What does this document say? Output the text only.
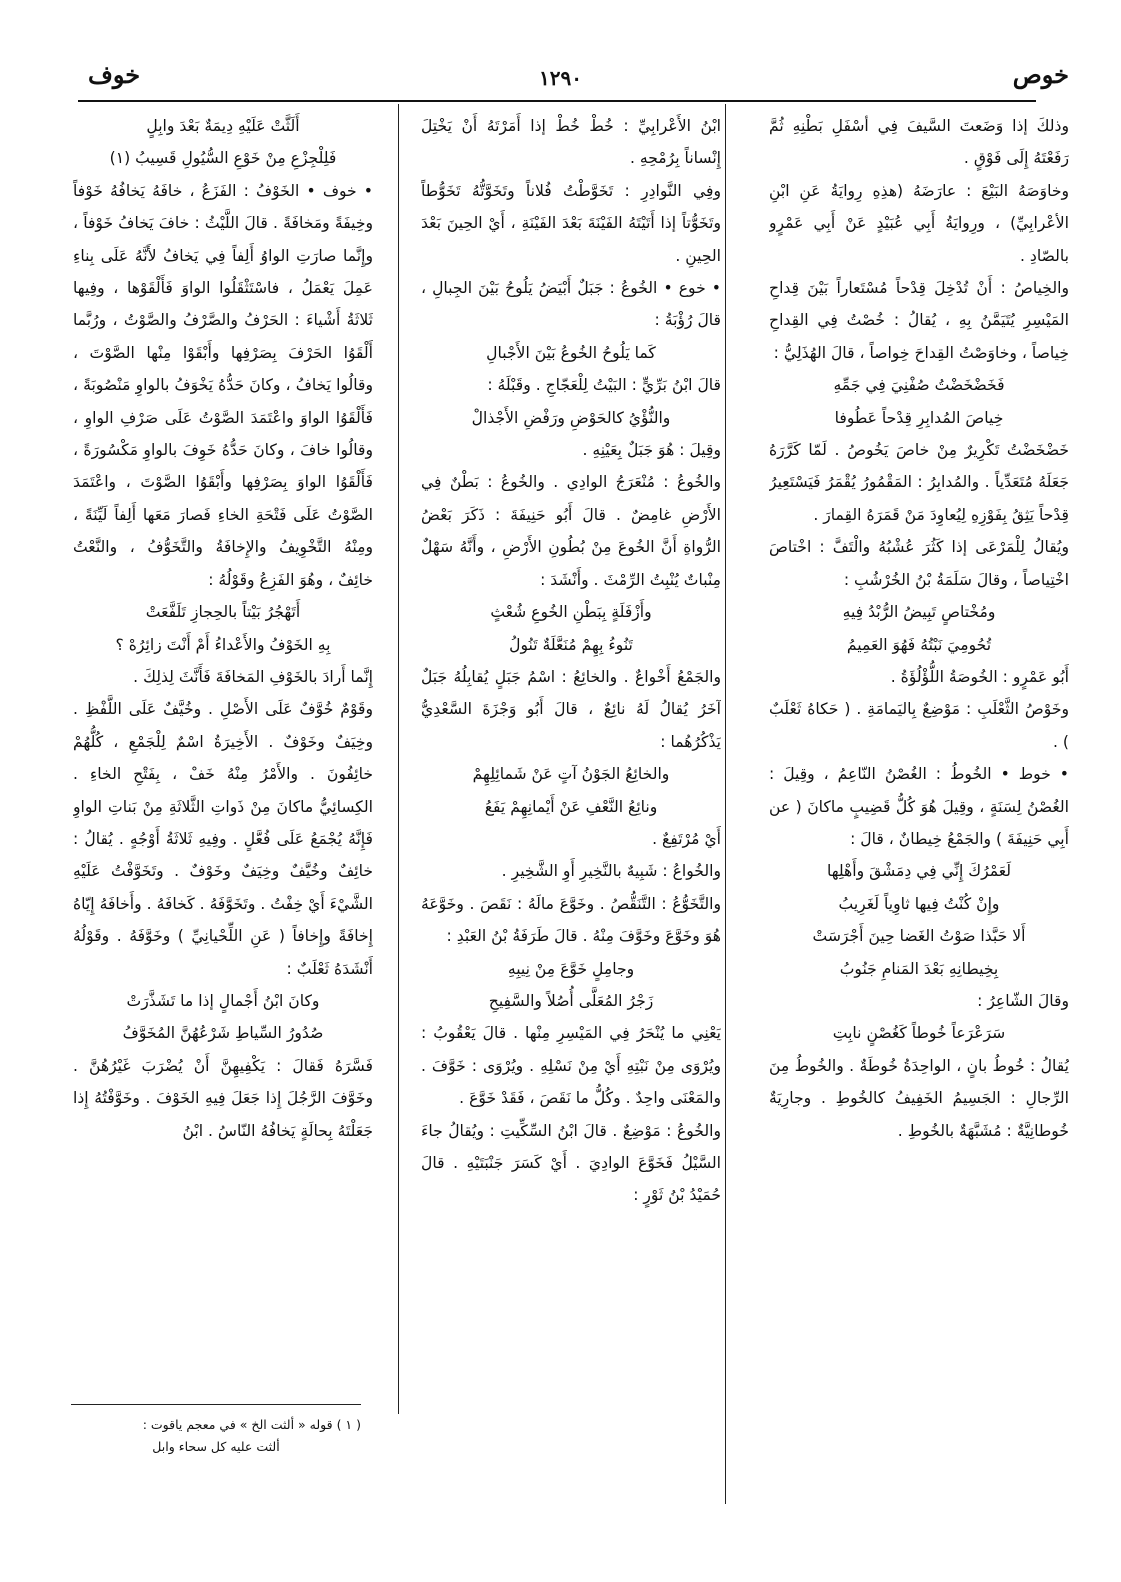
خوص
١٢٩٠
خوف

وذلكَ إذا وَضَعتَ السَّيفَ فِي أسْفَلِ بَطْنِهِ ثُمَّ رَفَعْتَهُ إِلَى فَوْقٍ .

وخاوَصَهُ البَيْعَ : عارَضَهُ (هذِهِ رِوايَةُ عَنِ ابْنِ الأعْرابِيِّ) ، ورِوايَةُ أَبِي عُبَيْدٍ عَنْ أَبِي عَمْرٍو بالصّادِ .

والخِياصُ : أَنْ تُدْخِلَ قِدْحاً مُسْتَعاراً بَيْنَ قِداحِ المَيْسِرِ يُتَيَمَّنُ بِهِ ، يُقالُ : خُصْتُ فِي القِداحِ خِياصاً ، وخاوَصْتُ القِداحَ خِواصاً ، قالَ الهُذَلِيُّ :

فَخَضْخَضْتُ صُفْنِيَ فِي جَمِّهِ

خِياصَ المُدابِرِ قِدْحاً عَطُوفا

خَضْخَضْتُ تَكْرِيرٌ مِنْ خاصَ يَخُوصُ . لَمّا كَرَّرَهُ جَعَلَهُ مُتَعَدِّياً . والمُدابِرُ : المَقْمُورُ يُقْمَرُ فَيَسْتَعِيرُ قِدْحاً يَثِقُ بِفَوْزِهِ لِيُعاوِدَ مَنْ قَمَرَهُ القِمارَ .

ويُقالُ لِلْمَرْعَى إذا كَثُرَ عُشْبُهُ والْتَفَّ : اخْتاصَ اخْتِياصاً ، وقالَ سَلَمَةُ بْنُ الخُرْشُبِ :

ومُخْتاصٍ تَبِيضُ الرُّبْدُ فِيهِ

تُحُومِيَ نَبْتُهُ فَهُوَ العَمِيمُ

أَبُو عَمْرٍو : الخُوصَةُ اللُّؤْلُؤَةُ .

وخَوْصُ الثَّعْلَبِ : مَوْضِعٌ بِاليَمامَةِ . ( حَكاهُ ثَعْلَبٌ ) .

• خوط • الخُوطُ : الغُصْنُ النّاعِمُ ، وقِيلَ : الغُصْنُ لِسَنَةٍ ، وقِيلَ هُوَ كُلُّ قَضِيبٍ ماكانَ ( عن أَبِي حَنِيفَةَ ) والجَمْعُ خِيطانٌ ، قالَ :

لَعَمْرُكَ إِنِّي فِي دِمَشْقَ وأَهْلِها

وإِنْ كُنْتُ فِيها ثاوِياً لَغَرِيبُ

أَلا حَبَّذا صَوْتُ الغَضا حِينَ أَجْرَسَتْ

بِخِيطانِهِ بَعْدَ المَنامِ جَنُوبُ

وقالَ الشّاعِرُ :

سَرَعْرَعاً خُوطاً كَغُصْنٍ نابِتِ

يُقالُ : خُوطُ بانٍ ، الواحِدَةُ خُوطَةٌ . والخُوطُ مِنَ الرِّجالِ : الجَسِيمُ الخَفِيفُ كالخُوطِ . وجارِيَةٌ خُوطانِيَّةٌ : مُشَبَّهَةٌ بالخُوطِ .

ابْنُ الأَعْرابِيِّ : خُطْ خُطْ إذا أَمَرْتَهُ أَنْ يَخْتِلَ إِنْساناً بِرُمْحِهِ .

وفِي النَّوادِرِ : تَخَوَّطْتُ فُلاناً وتَخَوَّتُّهُ تَخَوُّطاً وتَخَوُّتاً إذا أَتَيْتَهُ الفَيْنَةَ بَعْدَ الفَيْنَةِ ، أَيْ الحِينَ بَعْدَ الحِينِ .

• خوع • الخُوعُ : جَبَلٌ أَبْيَضُ يَلُوحُ بَيْنَ الجِبالِ ، قالَ رُؤْبَةُ :

كَما يَلُوحُ الخُوعُ بَيْنَ الأَجْبالِ

قالَ ابْنُ بَرِّيٍّ : البَيْتُ لِلْعَجّاجِ . وقَبْلَهُ :

والنُّؤْيُ كالحَوْضِ ورَفْضِ الأَجْذالْ

وقِيلَ : هُوَ جَبَلٌ بِعَيْنِهِ .

والخُوعُ : مُنْعَرَجُ الوادِي . والخُوعُ : بَطْنٌ فِي الأَرْضِ غامِضٌ . قالَ أَبُو حَنِيفَةَ : ذَكَرَ بَعْضُ الرُّواةِ أَنَّ الخُوعَ مِنْ بُطُونِ الأَرْضِ ، وأَنَّهُ سَهْلٌ مِنْباتٌ يُنْبِتُ الرِّمْثَ . وأَنْشَدَ :

وأَزْفَلَةٍ بِبَطْنِ الخُوعِ شُعْثٍ

تَنُوءُ بِهِمْ مُنَعَّلَةٌ تَنُولُ

والجَمْعُ أَخْواعٌ . والخائِعُ : اسْمُ جَبَلٍ يُقابِلُهُ جَبَلٌ آخَرُ يُقالُ لَهُ نائِعٌ ، قالَ أَبُو وَجْزَةَ السَّعْدِيُّ يَذْكُرُهُما :

والخائِعُ الجَوْنُ آتٍ عَنْ شَمائِلِهِمْ

ونائِعُ النَّعْفِ عَنْ أَيْمانِهِمْ يَفَعُ

أَيْ مُرْتَفِعٌ .

والخُواعُ : شَبِيهٌ بالنَّخِيرِ أَوِ الشَّخِيرِ .

والتَّخَوُّعُ : التَّنَقُّصُ . وخَوَّعَ مالَهُ : نَقَصَ . وخَوَّعَهُ هُوَ وخَوَّعَ وخَوَّفَ مِنْهُ . قالَ طَرَفَةُ بْنُ العَبْدِ :

وجامِلٍ خَوَّعَ مِنْ نِيبِهِ

زَجْرُ المُعَلَّى أُصُلاً والسَّفِيحِ

يَعْنِي ما يُنْحَرُ فِي المَيْسِرِ مِنْها . قالَ يَعْقُوبُ : ويُرْوَى مِنْ نَبْتِهِ أَيْ مِنْ نَسْلِهِ . ويُرْوَى : خَوَّفَ . والمَعْنَى واحِدٌ . وكُلُّ ما نَقَصَ ، فَقَدْ خَوَّعَ .

والخُوعُ : مَوْضِعٌ . قالَ ابْنُ السِّكِّيتِ : ويُقالُ جاءَ السَّيْلُ فَخَوَّعَ الوادِيَ . أَيْ كَسَرَ جَنْبَتَيْهِ . قالَ حُمَيْدُ بْنُ ثَوْرٍ :

أَلَثَّتْ عَلَيْهِ دِيمَةٌ بَعْدَ وابِلٍ

فَلِلْجِزْعِ مِنْ خَوْعِ السُّيُولِ قَسِيبُ (١)

• خوف • الخَوْفُ : الفَزَعُ ، خافَهُ يَخافُهُ خَوْفاً وخِيفَةً ومَخافَةً . قالَ اللَّيْثُ : خافَ يَخافُ خَوْفاً ، وإِنَّما صارَتِ الواوُ أَلِفاً فِي يَخافُ لأَنَّهُ عَلَى بِناءِ عَمِلَ يَعْمَلُ ، فاسْتَثْقَلُوا الواوَ فَأَلْقَوْها ، وفِيها ثَلاثَةُ أَشْياءَ : الحَرْفُ والصَّرْفُ والصَّوْتُ ، ورُبَّما أَلْقَوُا الحَرْفَ بِصَرْفِها وأَبْقَوْا مِنْها الصَّوْتَ ، وقالُوا يَخافُ ، وكانَ حَدُّهُ يَخْوَفُ بالواوِ مَنْصُوبَةً ، فَأَلْقَوُا الواوَ واعْتَمَدَ الصَّوْتُ عَلَى صَرْفِ الواوِ ، وقالُوا خافَ ، وكانَ حَدُّهُ خَوِفَ بالواوِ مَكْسُورَةً ، فَأَلْقَوُا الواوَ بِصَرْفِها وأَبْقَوُا الصَّوْتَ ، واعْتَمَدَ الصَّوْتُ عَلَى فَتْحَةِ الخاءِ فَصارَ مَعَها أَلِفاً لَيِّنَةً ، ومِنْهُ التَّخْوِيفُ والإِخافَةُ والتَّخَوُّفُ ، والنَّعْتُ خائِفٌ ، وهُوَ الفَزِعُ وقَوْلُهُ :

أَتَهْجُرُ بَيْتاً بالحِجازِ تَلَفَّعَتْ

بِهِ الخَوْفُ والأَعْداءُ أَمْ أَنْتَ زائِرُهْ ؟

إِنَّما أَرادَ بالخَوْفِ المَخافَةَ فَأَنَّثَ لِذلِكَ .

وقَوْمٌ خُوَّفٌ عَلَى الأَصْلِ . وخُيَّفٌ عَلَى اللَّفْظِ . وخِيَفٌ وخَوْفٌ . الأَخِيرَةُ اسْمٌ لِلْجَمْعِ ، كُلُّهُمْ خائِفُونَ . والأَمْرُ مِنْهُ خَفْ ، بِفَتْحِ الخاءِ . الكِسائِيُّ ماكانَ مِنْ ذَواتِ الثَّلاثَةِ مِنْ بَناتِ الواوِ فَإِنَّهُ يُجْمَعُ عَلَى فُعَّلٍ . وفِيهِ ثَلاثَةُ أَوْجُهٍ . يُقالُ : خائِفٌ وخُيَّفٌ وخِيَفٌ وخَوْفٌ . وتَخَوَّفْتُ عَلَيْهِ الشَّيْءَ أَيْ خِفْتُ . وتَخَوَّفَهُ . كَخافَهُ . وأَخافَهُ إِيّاهُ إِخافَةً وإِخافاً ( عَنِ اللِّحْيانِيِّ ) وخَوَّفَهُ . وقَوْلُهُ أَنْشَدَهُ ثَعْلَبٌ :

وكانَ ابْنُ أَجْمالٍ إذا ما تَشَذَّرَتْ

صُدُورُ السِّياطِ شَرْعُهُنَّ المُخَوَّفُ

فَسَّرَهُ فَقالَ : يَكْفِيهِنَّ أَنْ يُضْرَبَ غَيْرُهُنَّ . وخَوَّفَ الرَّجُلَ إِذا جَعَلَ فِيهِ الخَوْفَ . وخَوَّفْتُهُ إِذا جَعَلْتَهُ بِحالَةٍ يَخافُهُ النّاسُ . ابْنُ

( ١ ) قوله « ألثت الخ » في معجم ياقوت :

ألثت عليه كل سحاء وابل
